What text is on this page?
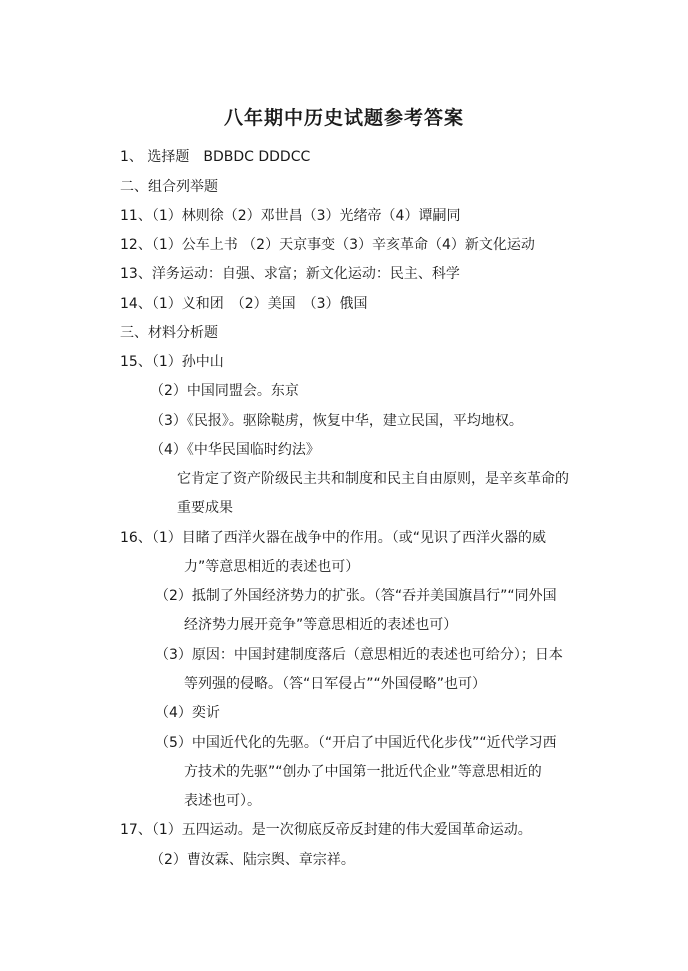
八年期中历史试题参考答案
1、 选择题　BDBDC DDDCC
二、组合列举题
11、（1）林则徐（2）邓世昌（3）光绪帝（4）谭嗣同
12、（1）公车上书 （2）天京事变（3）辛亥革命（4）新文化运动
13、洋务运动：自强、求富；新文化运动：民主、科学
14、（1）义和团　（2）美国　（3）俄国
三、材料分析题
15、（1）孙中山
（2）中国同盟会。东京
（3）《民报》。驱除鞑虏，恢复中华，建立民国，平均地权。
（4）《中华民国临时约法》
它肯定了资产阶级民主共和制度和民主自由原则，是辛亥革命的
重要成果
16、（1）目睹了西洋火器在战争中的作用。（或“见识了西洋火器的威
力”等意思相近的表述也可）
（2）抵制了外国经济势力的扩张。（答“吞并美国旗昌行”“同外国
经济势力展开竞争”等意思相近的表述也可）
（3）原因：中国封建制度落后（意思相近的表述也可给分）；日本
等列强的侵略。（答“日军侵占”“外国侵略”也可）
（4）奕䜣
（5）中国近代化的先驱。（“开启了中国近代化步伐”“近代学习西
方技术的先驱”“创办了中国第一批近代企业”等意思相近的
表述也可）。
17、（1）五四运动。是一次彻底反帝反封建的伟大爱国革命运动。
（2）曹汝霖、陆宗舆、章宗祥。
